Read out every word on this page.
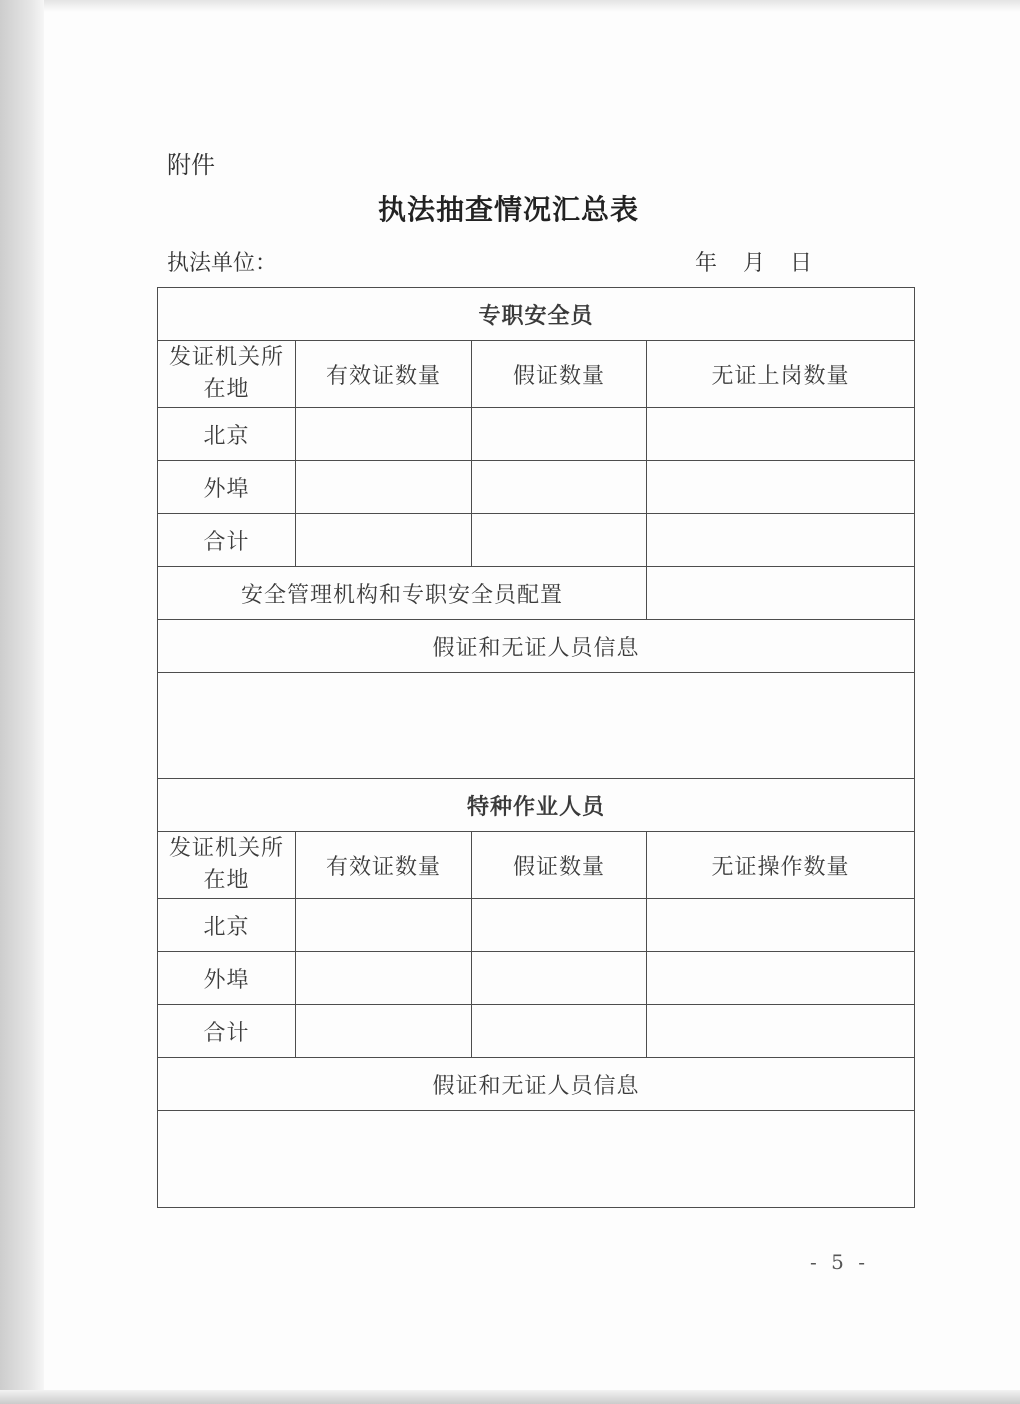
附件
执法抽查情况汇总表
执法单位：	年 月 日
专职安全员			
发证机关所在地	有效证数量	假证数量	无证上岗数量
北京			
外埠			
合计			
安全管理机构和专职安全员配置			
假证和无证人员信息			

特种作业人员			
发证机关所在地	有效证数量	假证数量	无证操作数量
北京			
外埠			
合计			
假证和无证人员信息			

- 5 -
